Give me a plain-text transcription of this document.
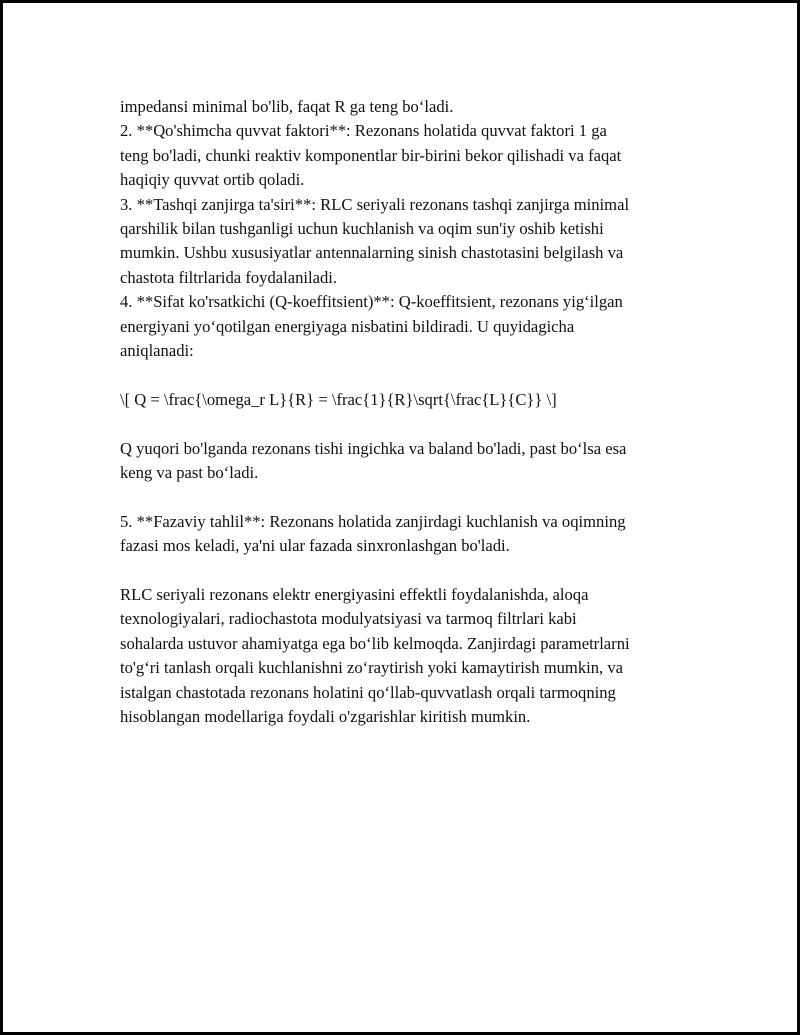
impedansi minimal bo'lib, faqat R ga teng bo‘ladi.
2. **Qo'shimcha quvvat faktori**: Rezonans holatida quvvat faktori 1 ga
teng bo'ladi, chunki reaktiv komponentlar bir-birini bekor qilishadi va faqat
haqiqiy quvvat ortib qoladi.
3. **Tashqi zanjirga ta'siri**: RLC seriyali rezonans tashqi zanjirga minimal
qarshilik bilan tushganligi uchun kuchlanish va oqim sun'iy oshib ketishi
mumkin. Ushbu xususiyatlar antennalarning sinish chastotasini belgilash va
chastota filtrlarida foydalaniladi.
4. **Sifat ko'rsatkichi (Q-koeffitsient)**: Q-koeffitsient, rezonans yig‘ilgan
energiyani yo‘qotilgan energiyaga nisbatini bildiradi. U quyidagicha
aniqlanadi:
\[ Q = \frac{\omega_r L}{R} = \frac{1}{R}\sqrt{\frac{L}{C}} \]
Q yuqori bo'lganda rezonans tishi ingichka va baland bo'ladi, past bo‘lsa esa
keng va past bo‘ladi.
5. **Fazaviy tahlil**: Rezonans holatida zanjirdagi kuchlanish va oqimning
fazasi mos keladi, ya'ni ular fazada sinxronlashgan bo'ladi.
RLC seriyali rezonans elektr energiyasini effektli foydalanishda, aloqa
texnologiyalari, radiochastota modulyatsiyasi va tarmoq filtrlari kabi
sohalarda ustuvor ahamiyatga ega bo‘lib kelmoqda. Zanjirdagi parametrlarni
to'g‘ri tanlash orqali kuchlanishni zo‘raytirish yoki kamaytirish mumkin, va
istalgan chastotada rezonans holatini qo‘llab-quvvatlash orqali tarmoqning
hisoblangan modellariga foydali o'zgarishlar kiritish mumkin.
